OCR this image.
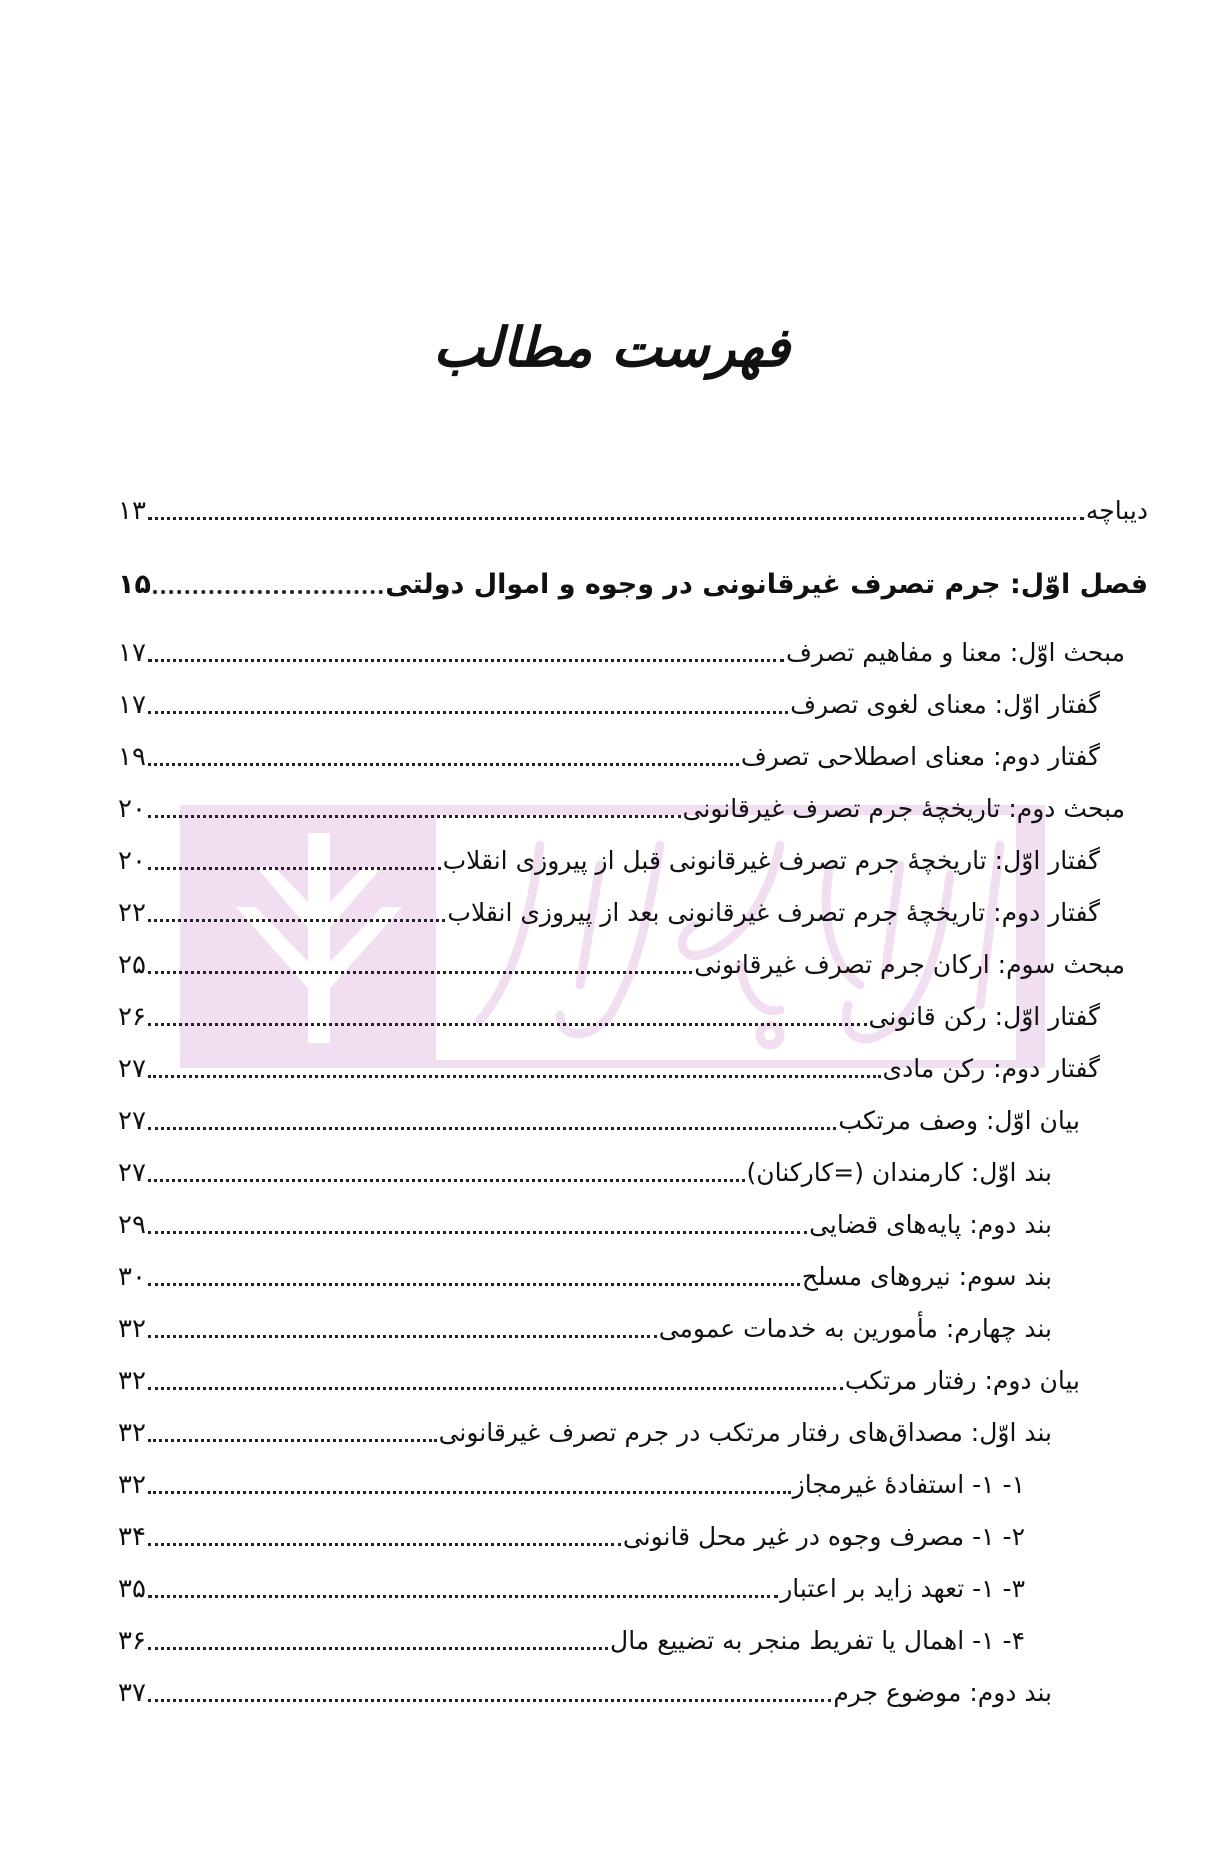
فهرست مطالب
دیباچه
۱۳
فصل اوّل: جرم تصرف غیرقانونی در وجوه و اموال دولتی
۱۵
مبحث اوّل: معنا و مفاهیم تصرف
۱۷
گفتار اوّل: معنای لغوی تصرف
۱۷
گفتار دوم: معنای اصطلاحی تصرف
۱۹
مبحث دوم: تاریخچۀ جرم تصرف غیرقانونی
۲۰
گفتار اوّل: تاریخچۀ جرم تصرف غیرقانونی قبل از پیروزی انقلاب
۲۰
گفتار دوم: تاریخچۀ جرم تصرف غیرقانونی بعد از پیروزی انقلاب
۲۲
مبحث سوم: ارکان جرم تصرف غیرقانونی
۲۵
گفتار اوّل: رکن قانونی
۲۶
گفتار دوم: رکن مادی
۲۷
بیان اوّل: وصف مرتکب
۲۷
بند اوّل: کارمندان (=کارکنان)
۲۷
بند دوم: پایه‌های قضایی
۲۹
بند سوم: نیروهای مسلح
۳۰
بند چهارم: مأمورین به خدمات عمومی
۳۲
بیان دوم: رفتار مرتکب
۳۲
بند اوّل: مصداق‌های رفتار مرتکب در جرم تصرف غیرقانونی
۳۲
۱- ۱- استفادۀ غیرمجاز
۳۲
۲- ۱- مصرف وجوه در غیر محل قانونی
۳۴
۳- ۱- تعهد زاید بر اعتبار
۳۵
۴- ۱- اهمال یا تفریط منجر به تضییع مال
۳۶
بند دوم: موضوع جرم
۳۷
